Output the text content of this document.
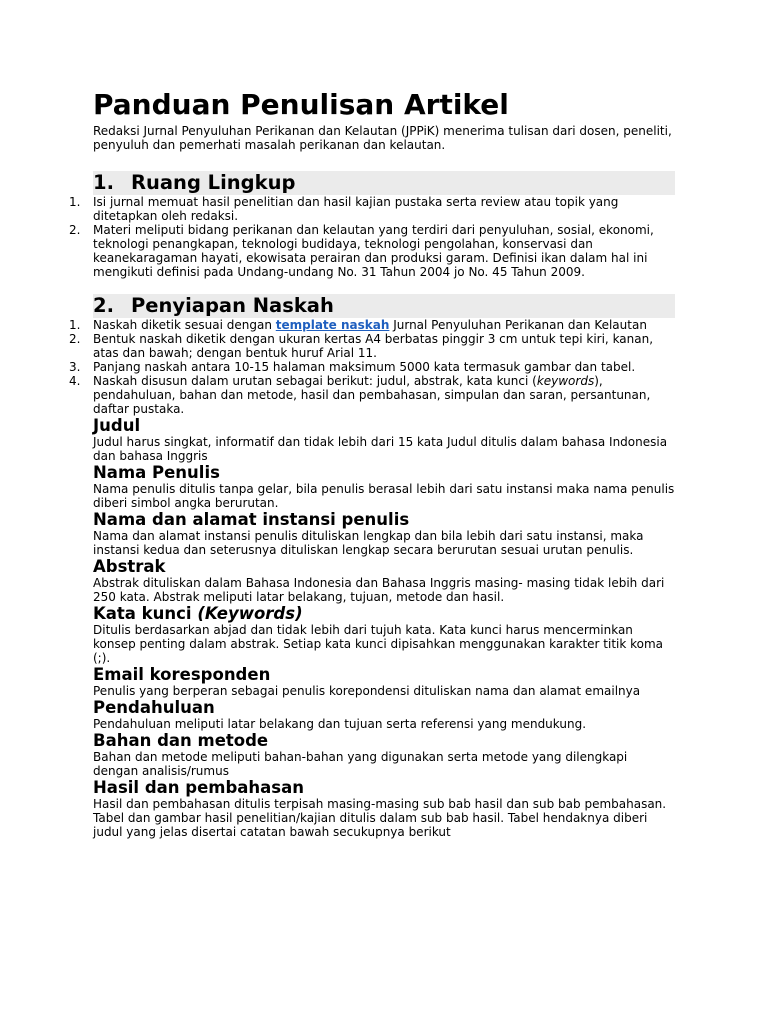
Panduan Penulisan Artikel

Redaksi Jurnal Penyuluhan Perikanan dan Kelautan (JPPiK) menerima tulisan dari dosen, peneliti, penyuluh dan pemerhati masalah perikanan dan kelautan.

1. Ruang Lingkup
1. Isi jurnal memuat hasil penelitian dan hasil kajian pustaka serta review atau topik yang ditetapkan oleh redaksi.
2. Materi meliputi bidang perikanan dan kelautan yang terdiri dari penyuluhan, sosial, ekonomi, teknologi penangkapan, teknologi budidaya, teknologi pengolahan, konservasi dan keanekaragaman hayati, ekowisata perairan dan produksi garam. Definisi ikan dalam hal ini mengikuti definisi pada Undang-undang No. 31 Tahun 2004 jo No. 45 Tahun 2009.
2. Penyiapan Naskah
1. Naskah diketik sesuai dengan template naskah Jurnal Penyuluhan Perikanan dan Kelautan
2. Bentuk naskah diketik dengan ukuran kertas A4 berbatas pinggir 3 cm untuk tepi kiri, kanan, atas dan bawah; dengan bentuk huruf Arial 11.
3. Panjang naskah antara 10-15 halaman maksimum 5000 kata termasuk gambar dan tabel.
4. Naskah disusun dalam urutan sebagai berikut: judul, abstrak, kata kunci (keywords), pendahuluan, bahan dan metode, hasil dan pembahasan, simpulan dan saran, persantunan, daftar pustaka.
Judul

Judul harus singkat, informatif dan tidak lebih dari 15 kata Judul ditulis dalam bahasa Indonesia dan bahasa Inggris

Nama Penulis

Nama penulis ditulis tanpa gelar, bila penulis berasal lebih dari satu instansi maka nama penulis diberi simbol angka berurutan.

Nama dan alamat instansi penulis

Nama dan alamat instansi penulis dituliskan lengkap dan bila lebih dari satu instansi, maka instansi kedua dan seterusnya dituliskan lengkap secara berurutan sesuai urutan penulis.

Abstrak

Abstrak dituliskan dalam Bahasa Indonesia dan Bahasa Inggris masing- masing tidak lebih dari 250 kata. Abstrak meliputi latar belakang, tujuan, metode dan hasil.

Kata kunci (Keywords)

Ditulis berdasarkan abjad dan tidak lebih dari tujuh kata. Kata kunci harus mencerminkan konsep penting dalam abstrak. Setiap kata kunci dipisahkan menggunakan karakter titik koma (;).

Email koresponden

Penulis yang berperan sebagai penulis korepondensi dituliskan nama dan alamat emailnya

Pendahuluan

Pendahuluan meliputi latar belakang dan tujuan serta referensi yang mendukung.

Bahan dan metode

Bahan dan metode meliputi bahan-bahan yang digunakan serta metode yang dilengkapi dengan analisis/rumus

Hasil dan pembahasan

Hasil dan pembahasan ditulis terpisah masing-masing sub bab hasil dan sub bab pembahasan. Tabel dan gambar hasil penelitian/kajian ditulis dalam sub bab hasil. Tabel hendaknya diberi judul yang jelas disertai catatan bawah secukupnya berikut
